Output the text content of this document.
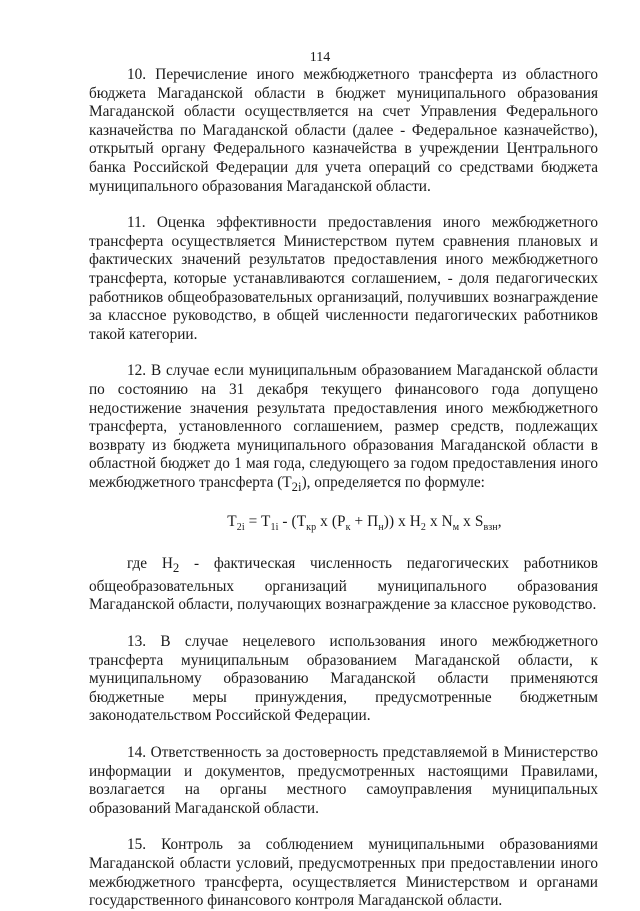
114

10. Перечисление иного межбюджетного трансферта из областного бюджета Магаданской области в бюджет муниципального образования Магаданской области осуществляется на счет Управления Федерального казначейства по Магаданской области (далее - Федеральное казначейство), открытый органу Федерального казначейства в учреждении Центрального банка Российской Федерации для учета операций со средствами бюджета муниципального образования Магаданской области.

11. Оценка эффективности предоставления иного межбюджетного трансферта осуществляется Министерством путем сравнения плановых и фактических значений результатов предоставления иного межбюджетного трансферта, которые устанавливаются соглашением, - доля педагогических работников общеобразовательных организаций, получивших вознаграждение за классное руководство, в общей численности педагогических работников такой категории.

12. В случае если муниципальным образованием Магаданской области по состоянию на 31 декабря текущего финансового года допущено недостижение значения результата предоставления иного межбюджетного трансферта, установленного соглашением, размер средств, подлежащих возврату из бюджета муниципального образования Магаданской области в областной бюджет до 1 мая года, следующего за годом предоставления иного межбюджетного трансферта $(T_{2i})$, определяется по формуле:

$T_{2i} = T_{1i} - (T_{кр}$ x $(P_к + П_н)$) x $H_2$ x $N_м$ x $S_{взн}$,

где $H_2$ - фактическая численность педагогических работников общеобразовательных организаций муниципального образования Магаданской области, получающих вознаграждение за классное руководство.

13. В случае нецелевого использования иного межбюджетного трансферта муниципальным образованием Магаданской области, к муниципальному образованию Магаданской области применяются бюджетные меры принуждения, предусмотренные бюджетным законодательством Российской Федерации.

14. Ответственность за достоверность представляемой в Министерство информации и документов, предусмотренных настоящими Правилами, возлагается на органы местного самоуправления муниципальных образований Магаданской области.

15. Контроль за соблюдением муниципальными образованиями Магаданской области условий, предусмотренных при предоставлении иного межбюджетного трансферта, осуществляется Министерством и органами государственного финансового контроля Магаданской области.
